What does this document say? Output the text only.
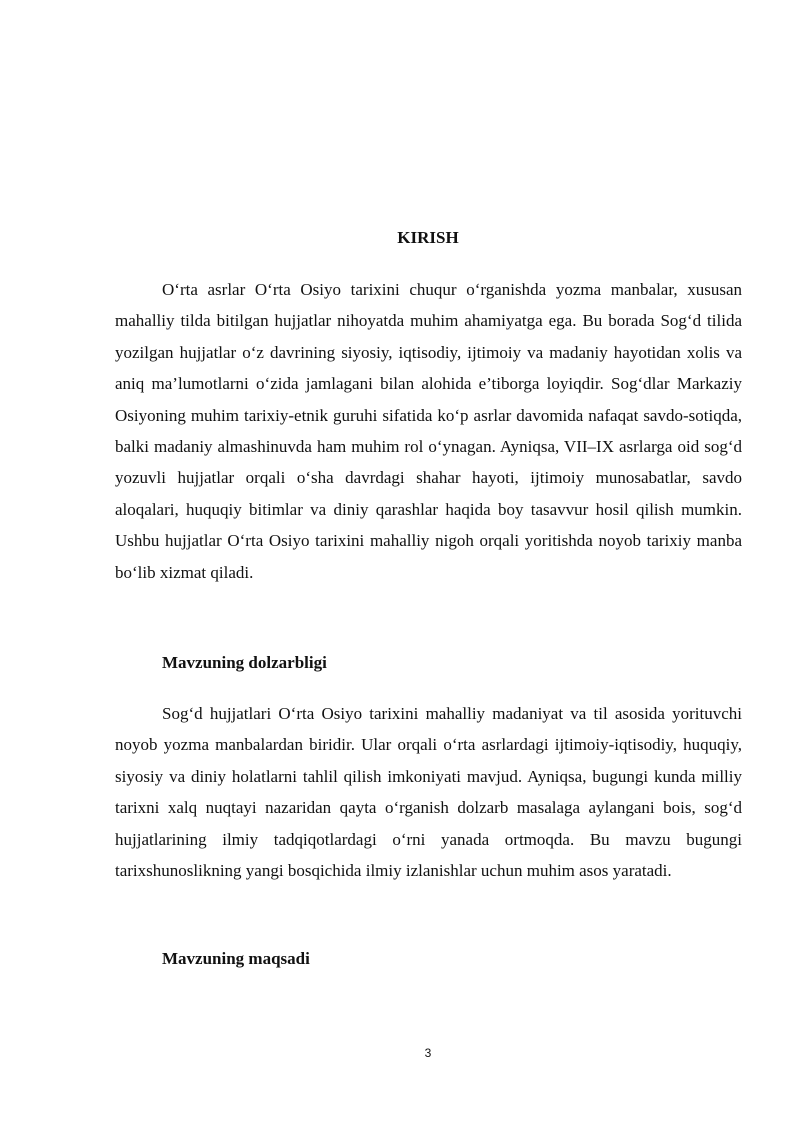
KIRISH

O‘rta asrlar O‘rta Osiyo tarixini chuqur o‘rganishda yozma manbalar, xususan mahalliy tilda bitilgan hujjatlar nihoyatda muhim ahamiyatga ega. Bu borada Sog‘d tilida yozilgan hujjatlar o‘z davrining siyosiy, iqtisodiy, ijtimoiy va madaniy hayotidan xolis va aniq ma’lumotlarni o‘zida jamlagani bilan alohida e’tiborga loyiqdir. Sog‘dlar Markaziy Osiyoning muhim tarixiy-etnik guruhi sifatida ko‘p asrlar davomida nafaqat savdo-sotiqda, balki madaniy almashinuvda ham muhim rol o‘ynagan. Ayniqsa, VII–IX asrlarga oid sog‘d yozuvli hujjatlar orqali o‘sha davrdagi shahar hayoti, ijtimoiy munosabatlar, savdo aloqalari, huquqiy bitimlar va diniy qarashlar haqida boy tasavvur hosil qilish mumkin. Ushbu hujjatlar O‘rta Osiyo tarixini mahalliy nigoh orqali yoritishda noyob tarixiy manba bo‘lib xizmat qiladi.

Mavzuning dolzarbligi

Sog‘d hujjatlari O‘rta Osiyo tarixini mahalliy madaniyat va til asosida yorituvchi noyob yozma manbalardan biridir. Ular orqali o‘rta asrlardagi ijtimoiy-iqtisodiy, huquqiy, siyosiy va diniy holatlarni tahlil qilish imkoniyati mavjud. Ayniqsa, bugungi kunda milliy tarixni xalq nuqtayi nazaridan qayta o‘rganish dolzarb masalaga aylangani bois, sog‘d hujjatlarining ilmiy tadqiqotlardagi o‘rni yanada ortmoqda. Bu mavzu bugungi tarixshunoslikning yangi bosqichida ilmiy izlanishlar uchun muhim asos yaratadi.

Mavzuning maqsadi
3
